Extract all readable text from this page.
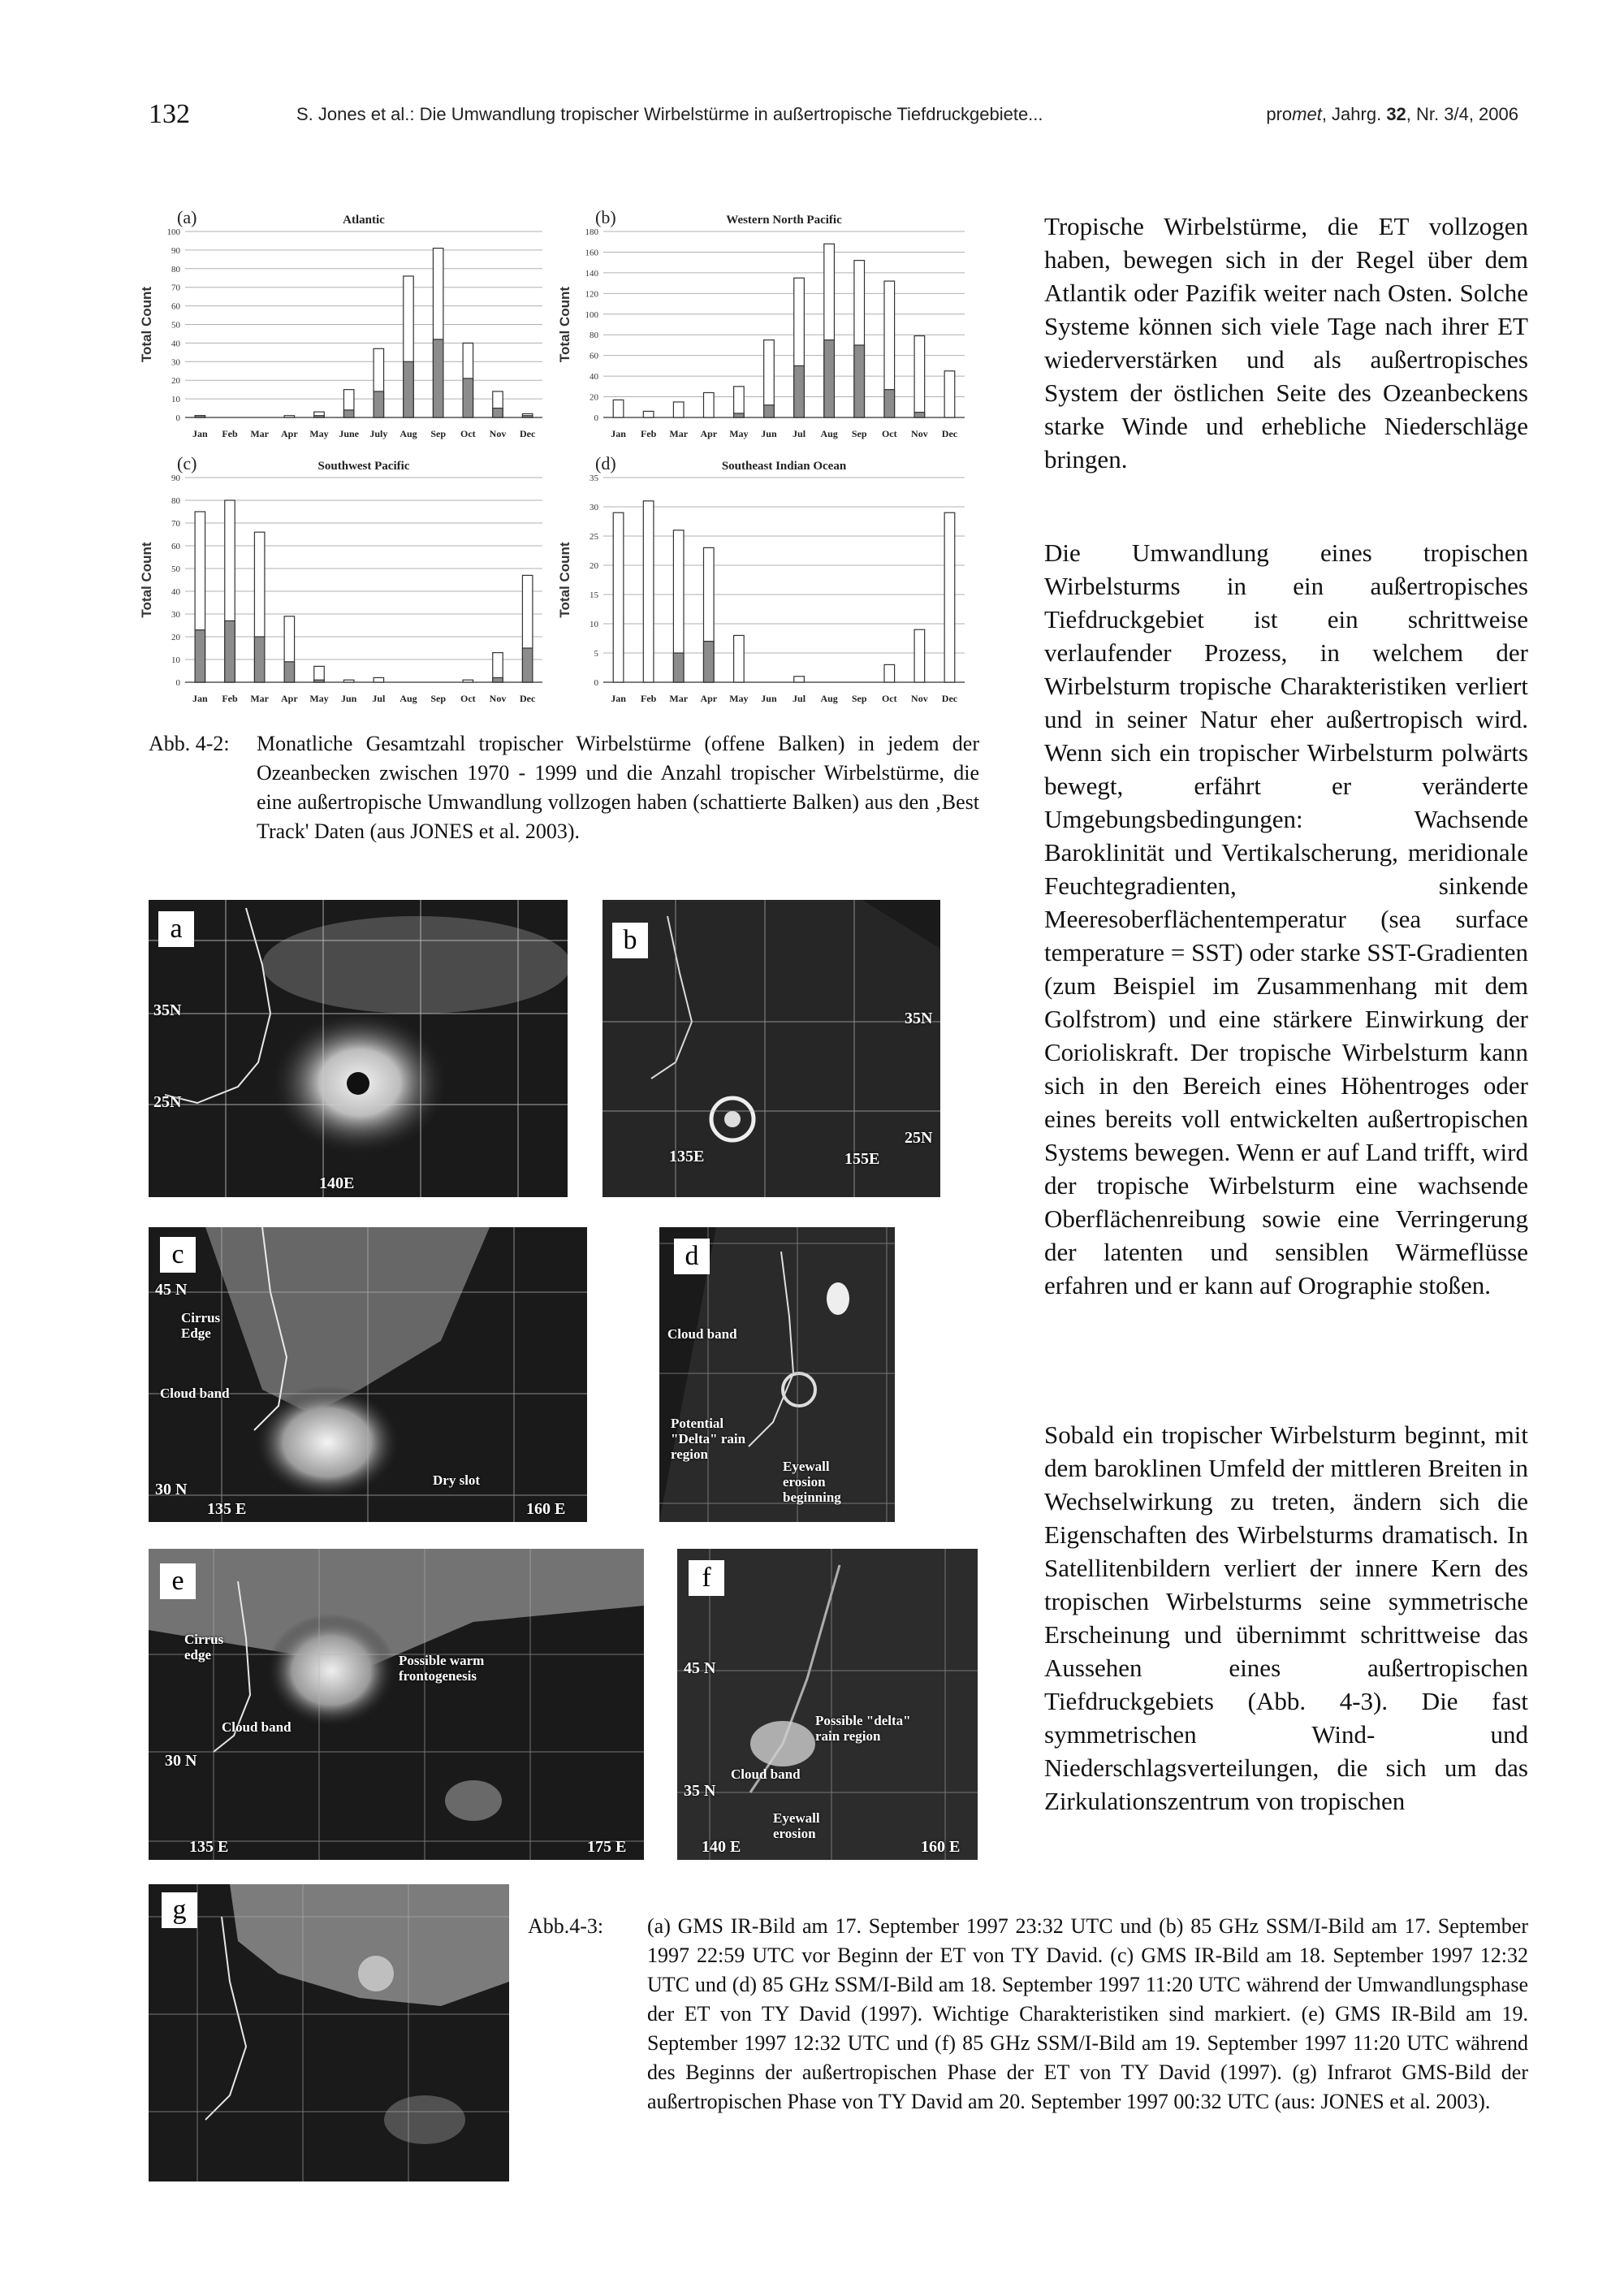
132	S. Jones et al.: Die Umwandlung tropischer Wirbelstürme in außertropische Tiefdruckgebiete...	promet, Jahrg. 32, Nr. 3/4, 2006
(a)	Atlantic
Total Count
0
10
20
30
40
50
60
70
80
90
100
Jan Feb Mar Apr May June July Aug Sep Oct Nov Dec
(b)	Western North Pacific
Total Count
0
20
40
60
80
100
120
140
160
180
Jan Feb Mar Apr May Jun Jul Aug Sep Oct Nov Dec
(c)	Southwest Pacific
Total Count
0
10
20
30
40
50
60
70
80
90
Jan Feb Mar Apr May Jun Jul Aug Sep Oct Nov Dec
(d)	Southeast Indian Ocean
Total Count
0
5
10
15
20
25
30
35
Jan Feb Mar Apr May Jun Jul Aug Sep Oct Nov Dec
Abb. 4-2: Monatliche Gesamtzahl tropischer Wirbelstürme (offene Balken) in jedem der Ozeanbecken zwischen 1970 - 1999 und die Anzahl tropischer Wirbelstürme, die eine außertropische Umwandlung vollzogen haben (schattierte Balken) aus den ‚Best Track' Daten (aus JONES et al. 2003).

a
35N
25N
140E
b
35N
25N
135E	155E
c
45 N
30 N
135 E	160 E
Cirrus Edge
Cloud band
Dry slot
d
Cloud band
Potential "Delta" rain region
Eyewall erosion beginning
e
30 N
135 E	175 E
Cirrus edge	Possible warm frontogenesis
Cloud band
f
45 N
35 N
140 E	160 E
Possible "delta" rain region
Cloud band
Eyewall erosion
g
Abb.4-3: (a) GMS IR-Bild am 17. September 1997 23:32 UTC und (b) 85 GHz SSM/I-Bild am 17. September 1997 22:59 UTC vor Beginn der ET von TY David. (c) GMS IR-Bild am 18. September 1997 12:32 UTC und (d) 85 GHz SSM/I-Bild am 18. September 1997 11:20 UTC während der Umwandlungsphase der ET von TY David (1997). Wichtige Charakteristiken sind markiert. (e) GMS IR-Bild am 19. September 1997 12:32 UTC und (f) 85 GHz SSM/I-Bild am 19. September 1997 11:20 UTC während des Beginns der außertropischen Phase der ET von TY David (1997). (g) Infrarot GMS-Bild der außertropischen Phase von TY David am 20. September 1997 00:32 UTC (aus: JONES et al. 2003).

Tropische Wirbelstürme, die ET vollzogen haben, bewegen sich in der Regel über dem Atlantik oder Pazifik weiter nach Osten. Solche Systeme können sich viele Tage nach ihrer ET wiederverstärken und als außertropisches System der östlichen Seite des Ozeanbeckens starke Winde und erhebliche Niederschläge bringen.

Die Umwandlung eines tropischen Wirbelsturms in ein außertropisches Tiefdruckgebiet ist ein schrittweise verlaufender Prozess, in welchem der Wirbelsturm tropische Charakteristiken verliert und in seiner Natur eher außertropisch wird. Wenn sich ein tropischer Wirbelsturm polwärts bewegt, erfährt er veränderte Umgebungsbedingungen: Wachsende Baroklinität und Vertikalscherung, meridionale Feuchtegradienten, sinkende Meeresoberflächentemperatur (sea surface temperature = SST) oder starke SST-Gradienten (zum Beispiel im Zusammenhang mit dem Golfstrom) und eine stärkere Einwirkung der Corioliskraft. Der tropische Wirbelsturm kann sich in den Bereich eines Höhentroges oder eines bereits voll entwickelten außertropischen Systems bewegen. Wenn er auf Land trifft, wird der tropische Wirbelsturm eine wachsende Oberflächenreibung sowie eine Verringerung der latenten und sensiblen Wärmeflüsse erfahren und er kann auf Orographie stoßen.

Sobald ein tropischer Wirbelsturm beginnt, mit dem baroklinen Umfeld der mittleren Breiten in Wechselwirkung zu treten, ändern sich die Eigenschaften des Wirbelsturms dramatisch. In Satellitenbildern verliert der innere Kern des tropischen Wirbelsturms seine symmetrische Erscheinung und übernimmt schrittweise das Aussehen eines außertropischen Tiefdruckgebiets (Abb. 4-3). Die fast symmetrischen Wind- und Niederschlagsverteilungen, die sich um das Zirkulationszentrum von tropischen
